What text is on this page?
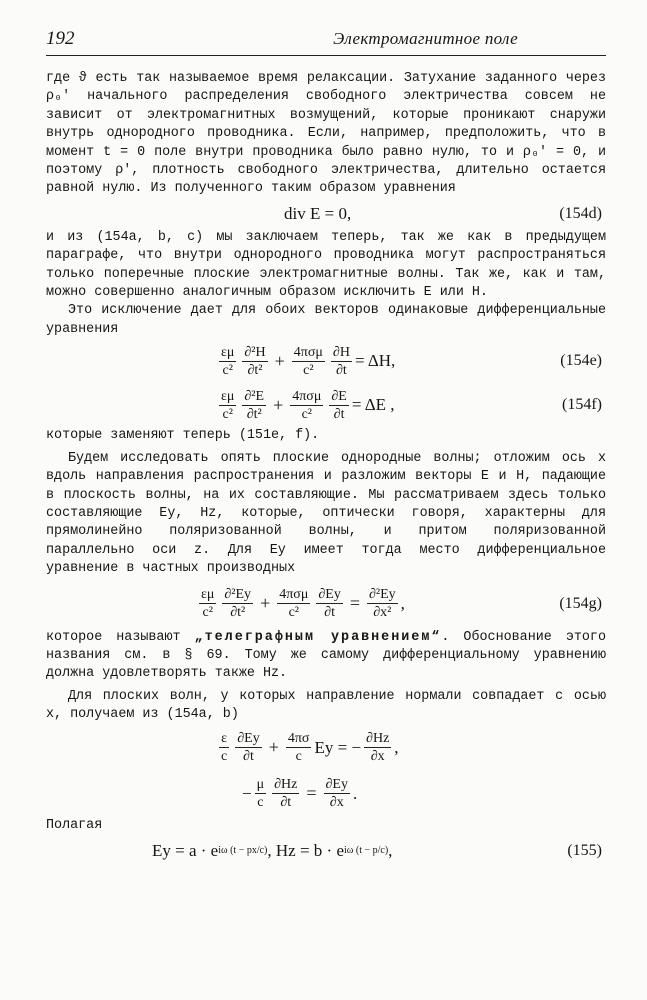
192	Электромагнитное поле

где ϑ есть так называемое время релаксации. Затухание заданного через ρ₀′ начального распределения свободного электричества совсем не зависит от электромагнитных возмущений, которые проникают снаружи внутрь однородного проводника. Если, например, предположить, что в момент t = 0 поле внутри проводника было равно нулю, то и ρ₀′ = 0, и поэтому ρ′, плотность свободного электричества, длительно остается равной нулю. Из полученного таким образом уравнения

div E = 0,	(154d)

и из (154a, b, c) мы заключаем теперь, так же как в предыдущем параграфе, что внутри однородного проводника могут распространяться только поперечные плоские электромагнитные волны. Так же, как и там, можно совершенно аналогичным образом исключить E или H.

Это исключение дает для обоих векторов одинаковые дифференциальные уравнения

$\frac{\varepsilon\mu}{\text{c²}} \frac{\text{∂²H}}{\text{∂t²}} + \frac{\text{4πσμ}}{\text{c²}} \frac{\partial H}{\partial t} = \Delta H$,	(154e)
$\frac{\varepsilon\mu}{\text{c²}} \frac{\text{∂²E}}{\text{∂t²}} + \frac{\text{4πσμ}}{\text{c²}} \frac{\partial E}{\partial t} = \Delta E$ ,	(154f)

которые заменяют теперь (151e, f).

Будем исследовать опять плоские однородные волны; отложим ось x вдоль направления распространения и разложим векторы E и H, падающие в плоскость волны, на их составляющие. Мы рассматриваем здесь только составляющие Ey, Hz, которые, оптически говоря, характерны для прямолинейно поляризованной волны, и притом поляризованной параллельно оси z. Для Ey имеет тогда место дифференциальное уравнение в частных производных

$\frac{\varepsilon\mu}{\text{c²}} \frac{\text{∂²Ey}}{\text{∂t²}} + \frac{\text{4πσμ}}{\text{c²}} \frac{\partial Ey}{\partial t} = \frac{\text{∂²Ey}}{\text{∂x²}}$ ,	(154g)

которое называют „телеграфным уравнением“. Обоснование этого названия см. в § 69. Тому же самому дифференциальному уравнению должна удовлетворять также Hz.

Для плоских волн, у которых направление нормали совпадает с осью x, получаем из (154a, b)

$\frac{\varepsilon}{c} \frac{\partial Ey}{\partial t} + \frac{4\pi\sigma}{c}$ Ey = − $\frac{\partial Hz}{\partial x}$ ,
− $\frac{\mu}{c} \frac{\partial Hz}{\partial t} = \frac{\partial Ey}{\partial x}$ .

Полагая

Ey = a · e iω (t − px/c) , Hz = b · e iω (t − p/c) ,	(155)
